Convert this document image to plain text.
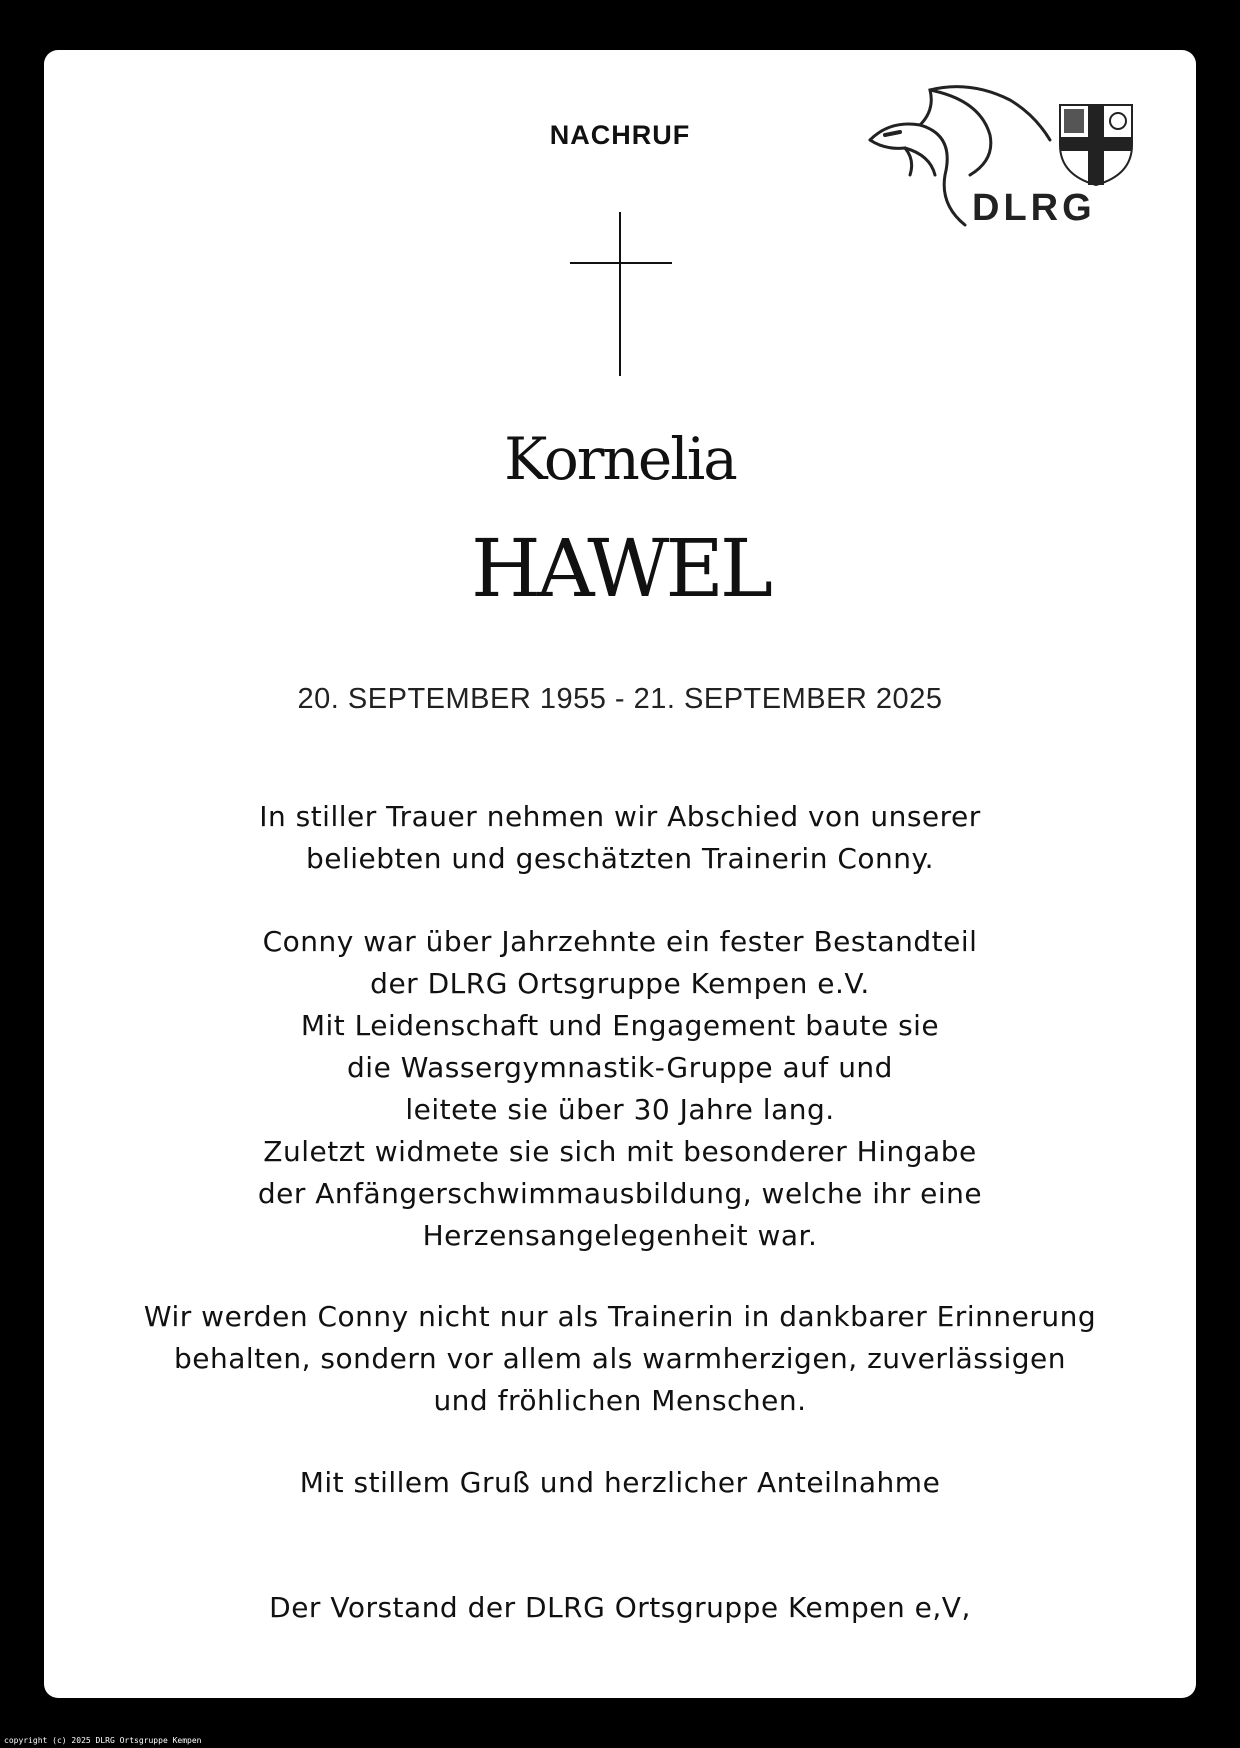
NACHRUF
DLRG
Kornelia
HAWEL
20. SEPTEMBER 1955 - 21. SEPTEMBER 2025
In stiller Trauer nehmen wir Abschied von unserer
beliebten und geschätzten Trainerin Conny.
Conny war über Jahrzehnte ein fester Bestandteil
der DLRG Ortsgruppe Kempen e.V.
Mit Leidenschaft und Engagement baute sie
die Wassergymnastik-Gruppe auf und
leitete sie über 30 Jahre lang.
Zuletzt widmete sie sich mit besonderer Hingabe
der Anfängerschwimmausbildung, welche ihr eine
Herzensangelegenheit war.
Wir werden Conny nicht nur als Trainerin in dankbarer Erinnerung
behalten, sondern vor allem als warmherzigen, zuverlässigen
und fröhlichen Menschen.
Mit stillem Gruß und herzlicher Anteilnahme
Der Vorstand der DLRG Ortsgruppe Kempen e,V,
copyright (c) 2025 DLRG Ortsgruppe Kempen
